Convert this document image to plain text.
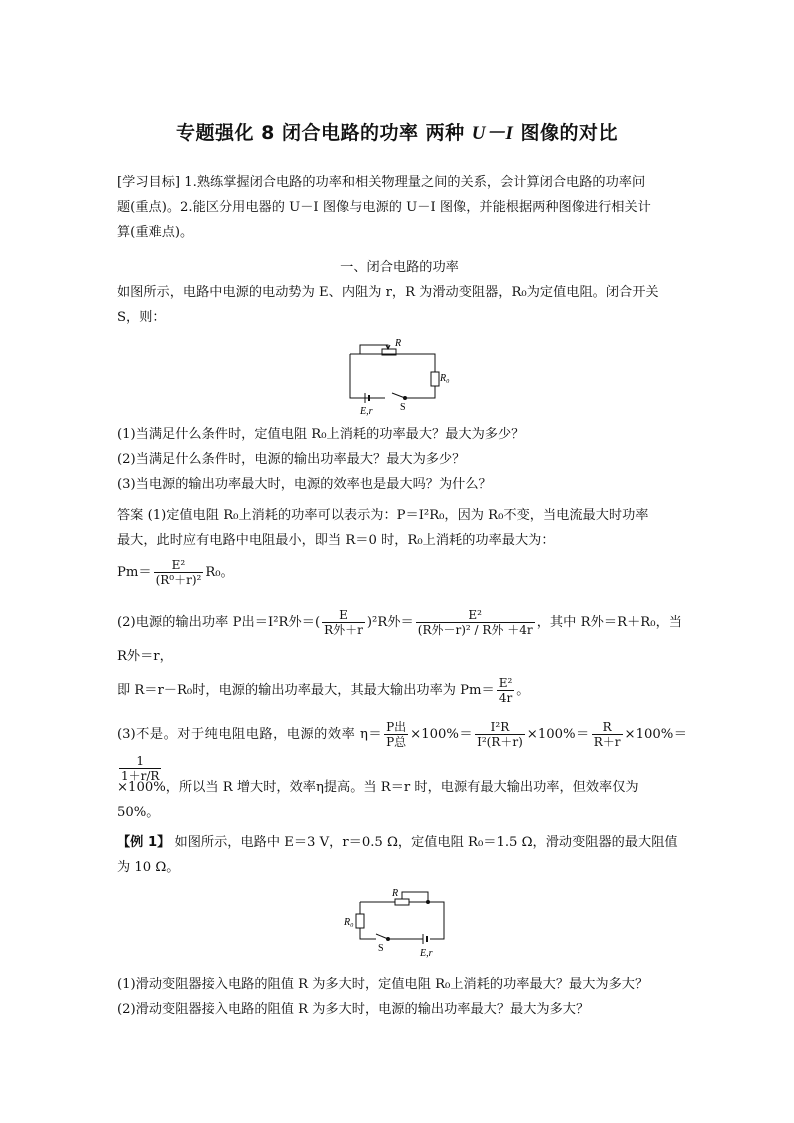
专题强化 8 闭合电路的功率 两种 U－I 图像的对比
[学习目标] 1.熟练掌握闭合电路的功率和相关物理量之间的关系，会计算闭合电路的功率问
题(重点)。2.能区分用电器的 U－I 图像与电源的 U－I 图像，并能根据两种图像进行相关计
算(重难点)。
一、闭合电路的功率
如图所示，电路中电源的电动势为 E、内阻为 r，R 为滑动变阻器，R₀为定值电阻。闭合开关
S，则：
R
R₀
E,r	S
(1)当满足什么条件时，定值电阻 R₀上消耗的功率最大？最大为多少？
(2)当满足什么条件时，电源的输出功率最大？最大为多少？
(3)当电源的输出功率最大时，电源的效率也是最大吗？为什么？
答案 (1)定值电阻 R₀上消耗的功率可以表示为：P＝I²R₀，因为 R₀不变，当电流最大时功率
最大，此时应有电路中电阻最小，即当 R＝0 时，R₀上消耗的功率最大为：
$Pm= \frac{\text{E²}}{\text{(R⁰＋r)²}} R_0$。
(2)电源的输出功率 P出＝I²R外＝( $\frac{E}{\text{R外＋r}} )^2R$外＝ $\frac{\text{E²}}{\text{(R外－r)² / R外 ＋4r}}$ ，其中 R外＝R＋R₀，当 R外＝r，
即 R＝r－R₀时，电源的输出功率最大，其最大输出功率为 $Pm= \frac{\text{E²}}{4r}$ 。
(3)不是。对于纯电阻电路，电源的效率 $\eta= \frac{\text{P出}}{\text{P总}} \times 100\%= \frac{\text{I²R}}{\text{I²(R＋r)}} \times 100\%= \frac{R}{R+r} \times 100\%=$
$\frac{1}{1+r/R}$
×100%，所以当 R 增大时，效率η提高。当 R＝r 时，电源有最大输出功率，但效率仅为
50%。
【例 1】 如图所示，电路中 E＝3 V，r＝0.5 Ω，定值电阻 R₀＝1.5 Ω，滑动变阻器的最大阻值
为 10 Ω。
R
R₀
E,r
S
(1)滑动变阻器接入电路的阻值 R 为多大时，定值电阻 R₀上消耗的功率最大？最大为多大？
(2)滑动变阻器接入电路的阻值 R 为多大时，电源的输出功率最大？最大为多大？
